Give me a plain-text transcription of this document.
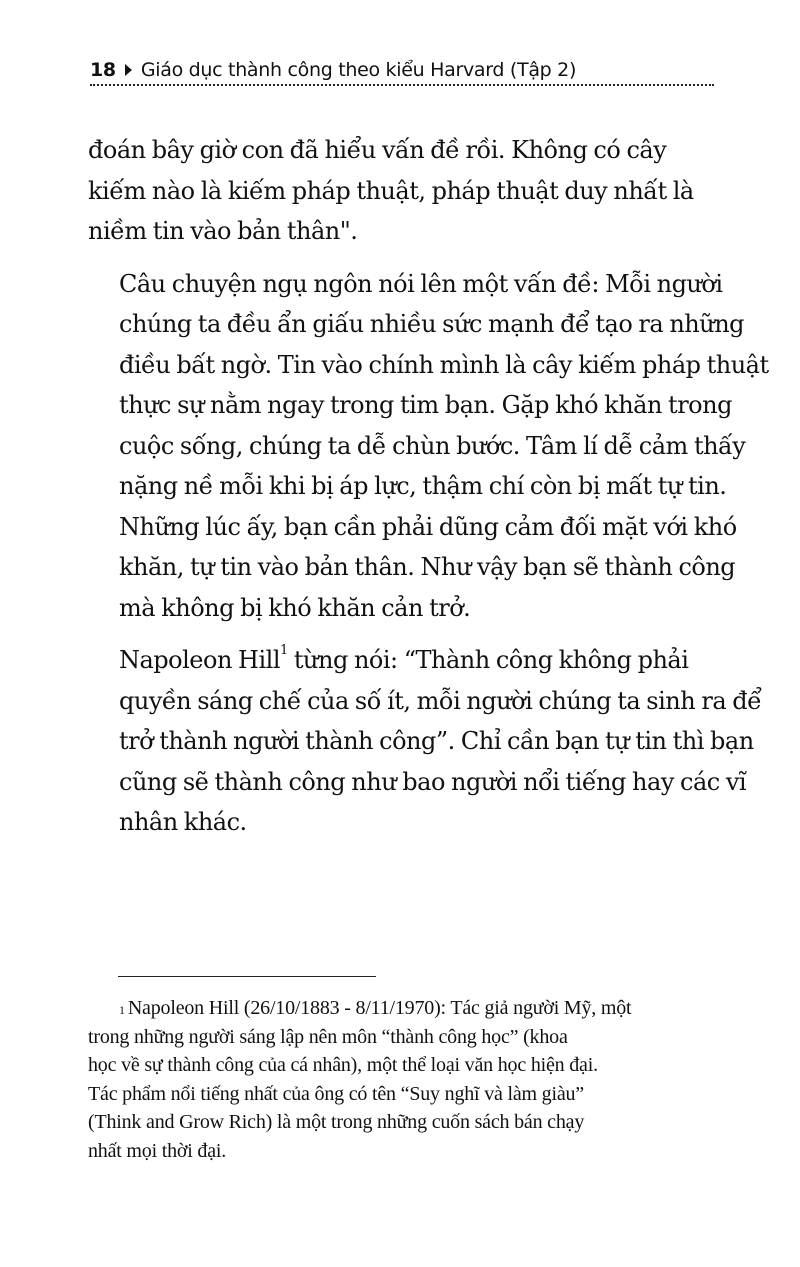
18 Giáo dục thành công theo kiểu Harvard (Tập 2)

đoán bây giờ con đã hiểu vấn đề rồi. Không có cây
kiếm nào là kiếm pháp thuật, pháp thuật duy nhất là
niềm tin vào bản thân".

Câu chuyện ngụ ngôn nói lên một vấn đề: Mỗi người
chúng ta đều ẩn giấu nhiều sức mạnh để tạo ra những
điều bất ngờ. Tin vào chính mình là cây kiếm pháp thuật
thực sự nằm ngay trong tim bạn. Gặp khó khăn trong
cuộc sống, chúng ta dễ chùn bước. Tâm lí dễ cảm thấy
nặng nề mỗi khi bị áp lực, thậm chí còn bị mất tự tin.
Những lúc ấy, bạn cần phải dũng cảm đối mặt với khó
khăn, tự tin vào bản thân. Như vậy bạn sẽ thành công
mà không bị khó khăn cản trở.

Napoleon Hill$^1$ từng nói: “Thành công không phải
quyền sáng chế của số ít, mỗi người chúng ta sinh ra để
trở thành người thành công”. Chỉ cần bạn tự tin thì bạn
cũng sẽ thành công như bao người nổi tiếng hay các vĩ
nhân khác.

$^1$ Napoleon Hill (26/10/1883 - 8/11/1970): Tác giả người Mỹ, một
trong những người sáng lập nên môn “thành công học” (khoa
học về sự thành công của cá nhân), một thể loại văn học hiện đại.
Tác phẩm nổi tiếng nhất của ông có tên “Suy nghĩ và làm giàu”
(Think and Grow Rich) là một trong những cuốn sách bán chạy
nhất mọi thời đại.
